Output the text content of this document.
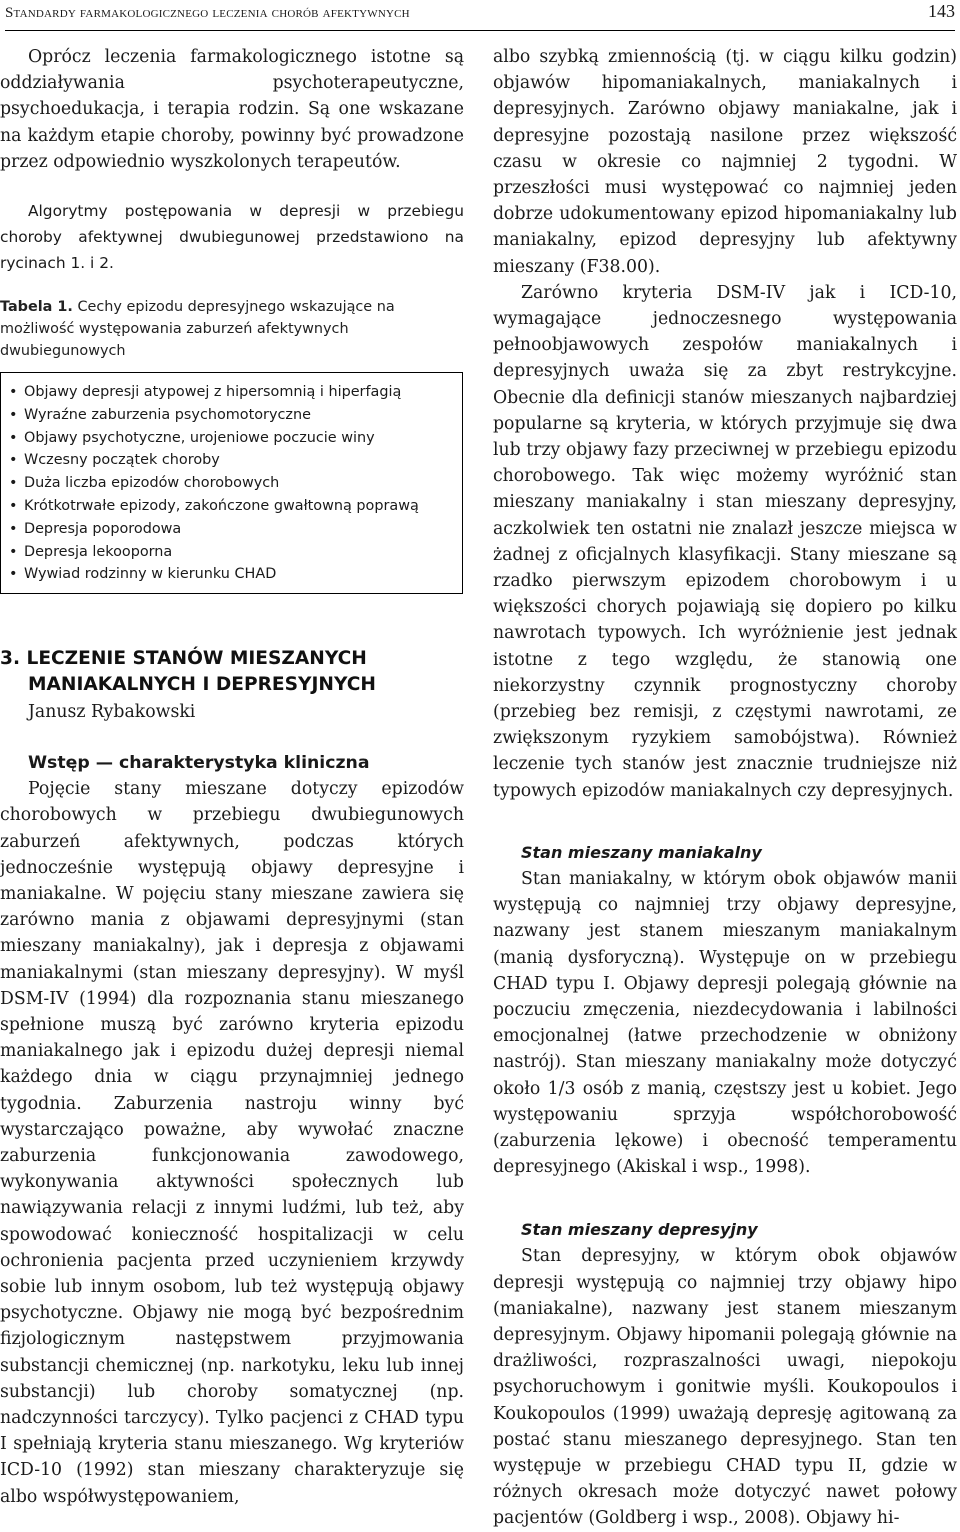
Standardy farmakologicznego leczenia chorób afektywnych	143

Oprócz leczenia farmakologicznego istotne są oddziaływania psychoterapeutyczne, psychoedukacja, i terapia rodzin. Są one wskazane na każdym etapie choroby, powinny być prowadzone przez odpowiednio wyszkolonych terapeutów.

Algorytmy postępowania w depresji w przebiegu choroby afektywnej dwubiegunowej przedstawiono na rycinach 1. i 2.

Tabela 1. Cechy epizodu depresyjnego wskazujące na możliwość występowania zaburzeń afektywnych dwubiegunowych

• Objawy depresji atypowej z hipersomnią i hiperfagią
• Wyraźne zaburzenia psychomotoryczne
• Objawy psychotyczne, urojeniowe poczucie winy
• Wczesny początek choroby
• Duża liczba epizodów chorobowych
• Krótkotrwałe epizody, zakończone gwałtowną poprawą
• Depresja poporodowa
• Depresja lekooporna
• Wywiad rodzinny w kierunku CHAD
3. LECZENIE STANÓW MIESZANYCH
MANIAKALNYCH I DEPRESYJNYCH

Janusz Rybakowski

Wstęp — charakterystyka kliniczna

Pojęcie stany mieszane dotyczy epizodów chorobowych w przebiegu dwubiegunowych zaburzeń afektywnych, podczas których jednocześnie występują objawy depresyjne i maniakalne. W pojęciu stany mieszane zawiera się zarówno mania z objawami depresyjnymi (stan mieszany maniakalny), jak i depresja z objawami maniakalnymi (stan mieszany depresyjny). W myśl DSM-IV (1994) dla rozpoznania stanu mieszanego spełnione muszą być zarówno kryteria epizodu maniakalnego jak i epizodu dużej depresji niemal każdego dnia w ciągu przynajmniej jednego tygodnia. Zaburzenia nastroju winny być wystarczająco poważne, aby wywołać znaczne zaburzenia funkcjonowania zawodowego, wykonywania aktywności społecznych lub nawiązywania relacji z innymi ludźmi, lub też, aby spowodować konieczność hospitalizacji w celu ochronienia pacjenta przed uczynieniem krzywdy sobie lub innym osobom, lub też występują objawy psychotyczne. Objawy nie mogą być bezpośrednim fizjologicznym następstwem przyjmowania substancji chemicznej (np. narkotyku, leku lub innej substancji) lub choroby somatycznej (np. nadczynności tarczycy). Tylko pacjenci z CHAD typu I spełniają kryteria stanu mieszanego. Wg kryteriów ICD-10 (1992) stan mieszany charakteryzuje się albo współwystępowaniem,

albo szybką zmiennością (tj. w ciągu kilku godzin) objawów hipomaniakalnych, maniakalnych i depresyjnych. Zarówno objawy maniakalne, jak i depresyjne pozostają nasilone przez większość czasu w okresie co najmniej 2 tygodni. W przeszłości musi występować co najmniej jeden dobrze udokumentowany epizod hipomaniakalny lub maniakalny, epizod depresyjny lub afektywny mieszany (F38.00).

Zarówno kryteria DSM-IV jak i ICD-10, wymagające jednoczesnego występowania pełnoobjawowych zespołów maniakalnych i depresyjnych uważa się za zbyt restrykcyjne. Obecnie dla definicji stanów mieszanych najbardziej popularne są kryteria, w których przyjmuje się dwa lub trzy objawy fazy przeciwnej w przebiegu epizodu chorobowego. Tak więc możemy wyróżnić stan mieszany maniakalny i stan mieszany depresyjny, aczkolwiek ten ostatni nie znalazł jeszcze miejsca w żadnej z oficjalnych klasyfikacji. Stany mieszane są rzadko pierwszym epizodem chorobowym i u większości chorych pojawiają się dopiero po kilku nawrotach typowych. Ich wyróżnienie jest jednak istotne z tego względu, że stanowią one niekorzystny czynnik prognostyczny choroby (przebieg bez remisji, z częstymi nawrotami, ze zwiększonym ryzykiem samobójstwa). Również leczenie tych stanów jest znacznie trudniejsze niż typowych epizodów maniakalnych czy depresyjnych.

Stan mieszany maniakalny

Stan maniakalny, w którym obok objawów manii występują co najmniej trzy objawy depresyjne, nazwany jest stanem mieszanym maniakalnym (manią dysforyczną). Występuje on w przebiegu CHAD typu I. Objawy depresji polegają głównie na poczuciu zmęczenia, niezdecydowania i labilności emocjonalnej (łatwe przechodzenie w obniżony nastrój). Stan mieszany maniakalny może dotyczyć około 1/3 osób z manią, częstszy jest u kobiet. Jego występowaniu sprzyja współchorobowość (zaburzenia lękowe) i obecność temperamentu depresyjnego (Akiskal i wsp., 1998).

Stan mieszany depresyjny

Stan depresyjny, w którym obok objawów depresji występują co najmniej trzy objawy hipo (maniakalne), nazwany jest stanem mieszanym depresyjnym. Objawy hipomanii polegają głównie na drażliwości, rozpraszalności uwagi, niepokoju psychoruchowym i gonitwie myśli. Koukopoulos i Koukopoulos (1999) uważają depresję agitowaną za postać stanu mieszanego depresyjnego. Stan ten występuje w przebiegu CHAD typu II, gdzie w różnych okresach może dotyczyć nawet połowy pacjentów (Goldberg i wsp., 2008). Objawy hi-
